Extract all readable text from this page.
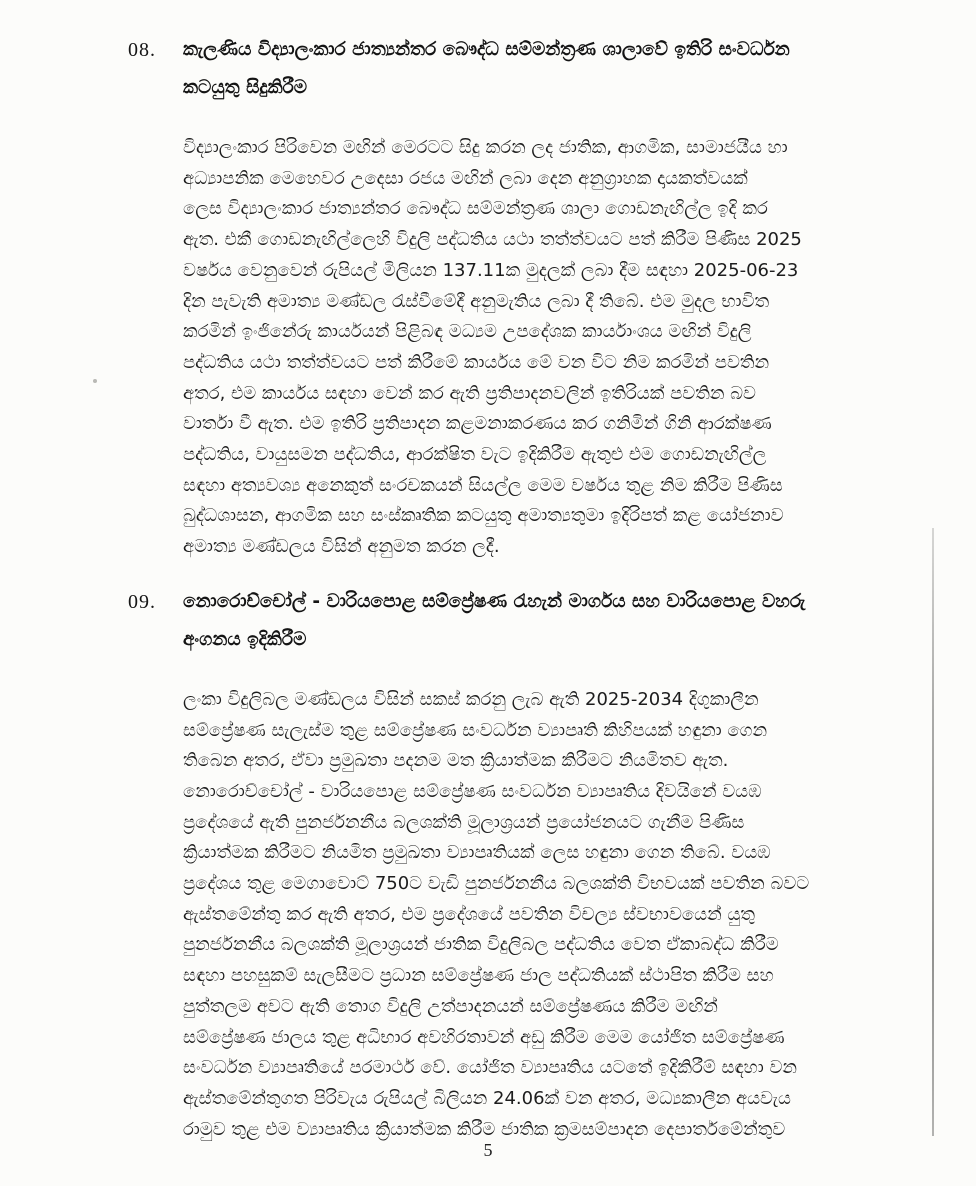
08.	කැලණිය විද්‍යාලංකාර ජාත්‍යන්තර බෞද්ධ සම්මන්ත්‍රණ ශාලාවේ ඉතිරි සංවර්ධන
කටයුතු සිදුකිරීම
විද්‍යාලංකාර පිරිවෙන මඟින් මෙරටට සිදු කරන ලද ජාතික, ආගමික, සාමාජයීය හා
අධ්‍යාපනික මෙහෙවර උදෙසා රජය මඟින් ලබා දෙන අනුග්‍රාහක දායකත්වයක්
ලෙස විද්‍යාලංකාර ජාත්‍යන්තර බෞද්ධ සම්මන්ත්‍රණ ශාලා ගොඩනැඟිල්ල ඉදි කර
ඇත. එකී ගොඩනැඟිල්ලෙහි විදුලි පද්ධතිය යථා තත්ත්වයට පත් කිරීම පිණිස 2025
වර්ෂය වෙනුවෙන් රුපියල් මිලියන 137.11ක මුදලක් ලබා දීම සඳහා 2025-06-23
දින පැවැති අමාත්‍ය මණ්ඩල රැස්වීමේදී අනුමැතිය ලබා දී තිබේ. එම මුදල භාවිත
කරමින් ඉංජිනේරු කාර්යයන් පිළිබඳ මධ්‍යම උපදේශක කාර්යාංශය මඟින් විදුලි
පද්ධතිය යථා තත්ත්වයට පත් කිරීමේ කාර්යය මේ වන විට නිම කරමින් පවතින
අතර, එම කාර්යය සඳහා වෙන් කර ඇති ප්‍රතිපාදනවලින් ඉතිරියක් පවතින බව
වාර්තා වී ඇත. එම ඉතිරි ප්‍රතිපාදන කළමනාකරණය කර ගනිමින් ගිනි ආරක්ෂණ
පද්ධතිය, වායුසමන පද්ධතිය, ආරක්ෂිත වැට ඉදිකිරීම ඇතුළු එම ගොඩනැඟිල්ල
සඳහා අත්‍යවශ්‍ය අනෙකුත් සංරචකයන් සියල්ල මෙම වර්ෂය තුළ නිම කිරීම පිණිස
බුද්ධශාසන, ආගමික සහ සංස්කෘතික කටයුතු අමාත්‍යතුමා ඉදිරිපත් කළ යෝජනාව
අමාත්‍ය මණ්ඩලය විසින් අනුමත කරන ලදී.
09.	නොරොච්චෝල් - වාරියපොළ සම්ප්‍රේෂණ රැහැන් මාර්ගය සහ වාරියපොළ වහරු
අංගනය ඉදිකිරීම
ලංකා විදුලිබල මණ්ඩලය විසින් සකස් කරනු ලැබ ඇති 2025-2034 දිගුකාලීන
සම්ප්‍රේෂණ සැලැස්ම තුළ සම්ප්‍රේෂණ සංවර්ධන ව්‍යාපෘති කිහිපයක් හඳුනා ගෙන
තිබෙන අතර, ඒවා ප්‍රමුඛතා පදනම මත ක්‍රියාත්මක කිරීමට නියමිතව ඇත.
නොරොච්චෝල් - වාරියපොළ සම්ප්‍රේෂණ සංවර්ධන ව්‍යාපෘතිය දිවයිනේ වයඹ
ප්‍රදේශයේ ඇති පුනර්ජනනීය බලශක්ති මූලාශ්‍රයන් ප්‍රයෝජනයට ගැනීම පිණිස
ක්‍රියාත්මක කිරීමට නියමිත ප්‍රමුඛතා ව්‍යාපෘතියක් ලෙස හඳුනා ගෙන තිබේ. වයඹ
ප්‍රදේශය තුළ මෙගාවොට් 750ට වැඩි පුනර්ජනනීය බලශක්ති විභවයක් පවතින බවට
ඇස්තමේන්තු කර ඇති අතර, එම ප්‍රදේශයේ පවතින විචල්‍ය ස්වභාවයෙන් යුතු
පුනර්ජනනීය බලශක්ති මූලාශ්‍රයන් ජාතික විදුලිබල පද්ධතිය වෙත ඒකාබද්ධ කිරීම
සඳහා පහසුකම් සැලසීමට ප්‍රධාන සම්ප්‍රේෂණ ජාල පද්ධතියක් ස්ථාපිත කිරීම සහ
පුත්තලම අවට ඇති තොග විදුලි උත්පාදනයන් සම්ප්‍රේෂණය කිරීම මඟින්
සම්ප්‍රේෂණ ජාලය තුළ අධිභාර අවහිරතාවන් අඩු කිරීම මෙම යෝජිත සම්ප්‍රේෂණ
සංවර්ධන ව්‍යාපෘතියේ පරමාර්ථ වේ. යෝජිත ව්‍යාපෘතිය යටතේ ඉදිකිරීම් සඳහා වන
ඇස්තමේන්තුගත පිරිවැය රුපියල් බිලියන 24.06ක් වන අතර, මධ්‍යකාලීන අයවැය
රාමුව තුළ එම ව්‍යාපෘතිය ක්‍රියාත්මක කිරීම ජාතික ක්‍රමසම්පාදන දෙපාර්තමේන්තුව
5
